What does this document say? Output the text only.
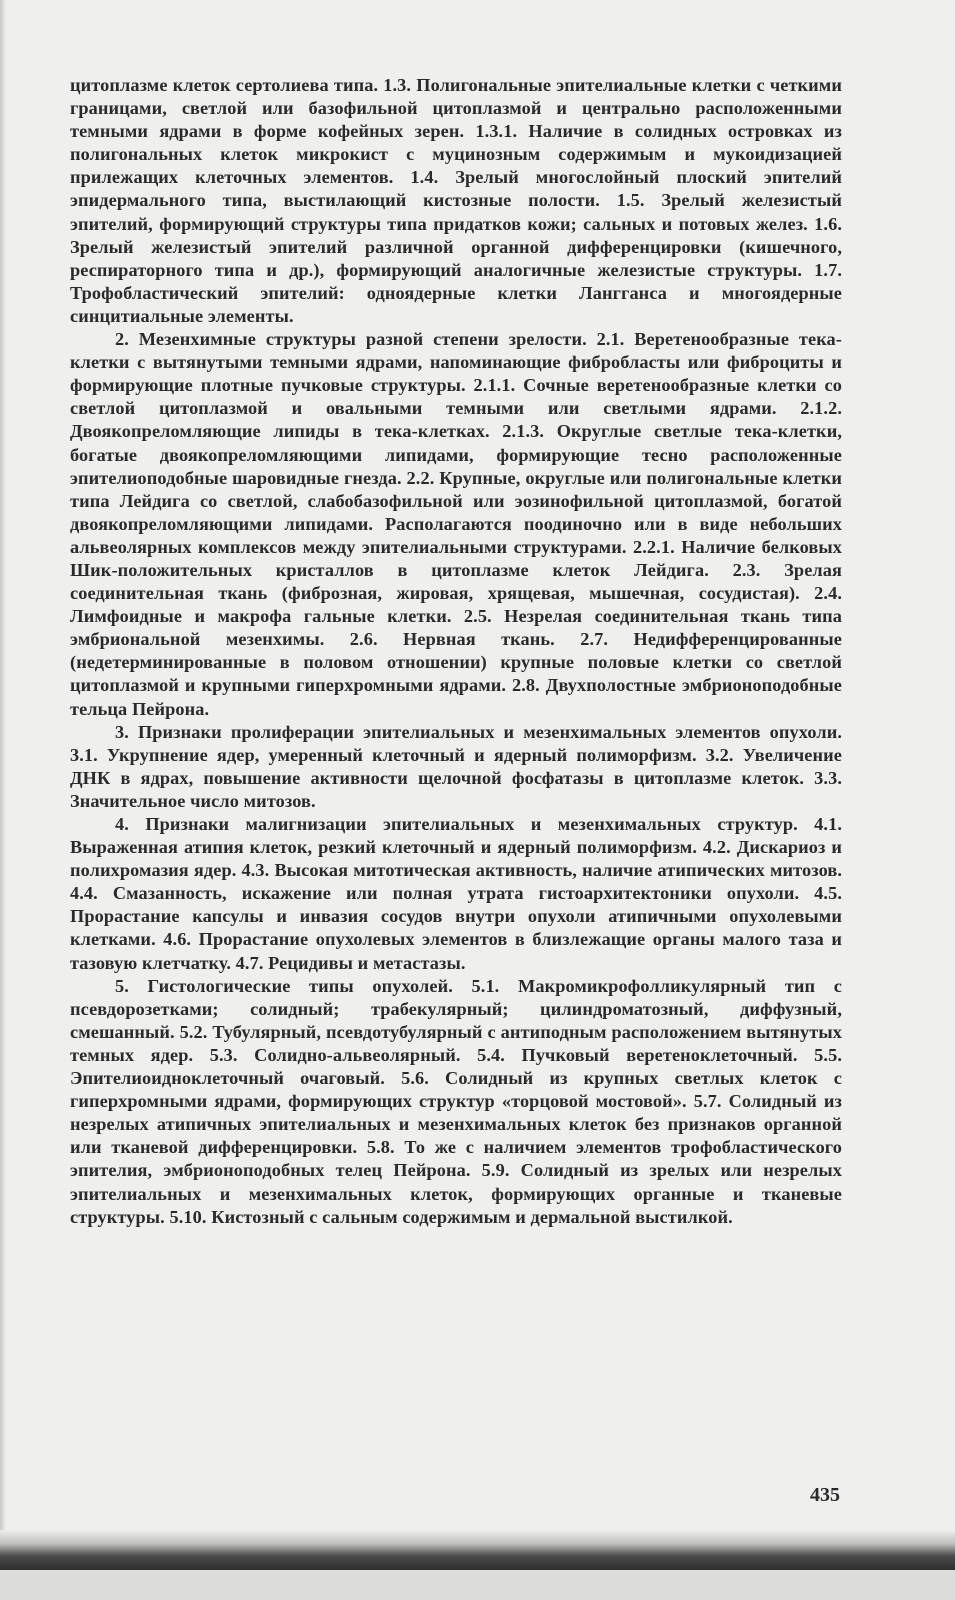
цитоплазме клеток сертолиева типа. 1.3. Полигональные эпителиальные клетки с четкими границами, светлой или базофильной цитоплазмой и центрально расположенными темными ядрами в форме кофейных зерен. 1.3.1. Наличие в солидных островках из полигональных клеток микрокист с муцинозным содержимым и мукоидизацией прилежащих клеточных элементов. 1.4. Зрелый многослойный плоский эпителий эпидермального типа, выстилающий кистозные полости. 1.5. Зрелый железистый эпителий, формирующий структуры типа придатков кожи; сальных и потовых желез. 1.6. Зрелый железистый эпителий различной органной дифференцировки (кишечного, респираторного типа и др.), формирующий аналогичные железистые структуры. 1.7. Трофобластический эпителий: одноядерные клетки Лангганса и многоядерные синцитиальные элементы.

2. Мезенхимные структуры разной степени зрелости. 2.1. Веретенообразные тека-клетки с вытянутыми темными ядрами, напоминающие фибробласты или фиброциты и формирующие плотные пучковые структуры. 2.1.1. Сочные веретенообразные клетки со светлой цитоплазмой и овальными темными или светлыми ядрами. 2.1.2. Двоякопреломляющие липиды в тека-клетках. 2.1.3. Округлые светлые тека-клетки, богатые двоякопреломляющими липидами, формирующие тесно расположенные эпителиоподобные шаровидные гнезда. 2.2. Крупные, округлые или полигональные клетки типа Лейдига со светлой, слабобазофильной или эозинофильной цитоплазмой, богатой двоякопреломляющими липидами. Располагаются поодиночно или в виде небольших альвеолярных комплексов между эпителиальными структурами. 2.2.1. Наличие белковых Шик-положительных кристаллов в цитоплазме клеток Лейдига. 2.3. Зрелая соединительная ткань (фиброзная, жировая, хрящевая, мышечная, сосудистая). 2.4. Лимфоидные и макрофа гальные клетки. 2.5. Незрелая соединительная ткань типа эмбриональной мезенхимы. 2.6. Нервная ткань. 2.7. Недифференцированные (недетерминированные в половом отношении) крупные половые клетки со светлой цитоплазмой и крупными гиперхромными ядрами. 2.8. Двухполостные эмбрионоподобные тельца Пейрона.

3. Признаки пролиферации эпителиальных и мезенхимальных элементов опухоли. 3.1. Укрупнение ядер, умеренный клеточный и ядерный полиморфизм. 3.2. Увеличение ДНК в ядрах, повышение активности щелочной фосфатазы в цитоплазме клеток. 3.3. Значительное число митозов.

4. Признаки малигнизации эпителиальных и мезенхимальных структур. 4.1. Выраженная атипия клеток, резкий клеточный и ядерный полиморфизм. 4.2. Дискариоз и полихромазия ядер. 4.3. Высокая митотическая активность, наличие атипических митозов. 4.4. Смазанность, искажение или полная утрата гистоархитектоники опухоли. 4.5. Прорастание капсулы и инвазия сосудов внутри опухоли атипичными опухолевыми клетками. 4.6. Прорастание опухолевых элементов в близлежащие органы малого таза и тазовую клетчатку. 4.7. Рецидивы и метастазы.

5. Гистологические типы опухолей. 5.1. Макромикрофолликулярный тип с псевдорозетками; солидный; трабекулярный; цилиндроматозный, диффузный, смешанный. 5.2. Тубулярный, псевдотубулярный с антиподным расположением вытянутых темных ядер. 5.3. Солидно-альвеолярный. 5.4. Пучковый веретеноклеточный. 5.5. Эпителиоидноклеточный очаговый. 5.6. Солидный из крупных светлых клеток с гиперхромными ядрами, формирующих структур «торцовой мостовой». 5.7. Солидный из незрелых атипичных эпителиальных и мезенхимальных клеток без признаков органной или тканевой дифференцировки. 5.8. То же с наличием элементов трофобластического эпителия, эмбрионоподобных телец Пейрона. 5.9. Солидный из зрелых или незрелых эпителиальных и мезенхимальных клеток, формирующих органные и тканевые структуры. 5.10. Кистозный с сальным содержимым и дермальной выстилкой.

435
